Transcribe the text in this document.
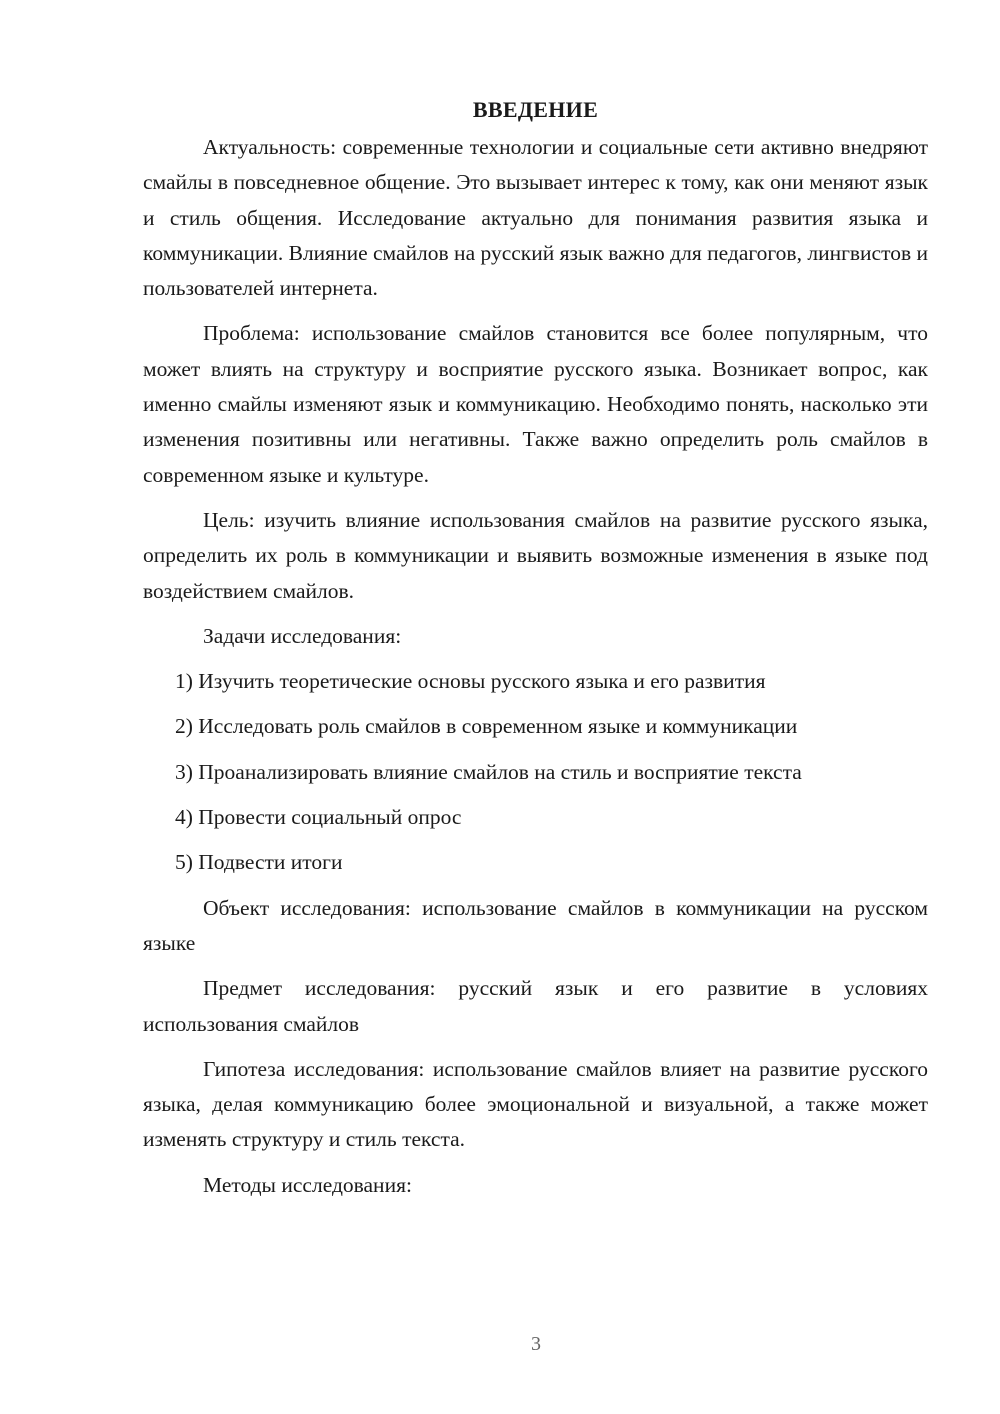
ВВЕДЕНИЕ

Актуальность: современные технологии и социальные сети активно внедряют смайлы в повседневное общение. Это вызывает интерес к тому, как они меняют язык и стиль общения. Исследование актуально для понимания развития языка и коммуникации. Влияние смайлов на русский язык важно для педагогов, лингвистов и пользователей интернета.

Проблема: использование смайлов становится все более популярным, что может влиять на структуру и восприятие русского языка. Возникает вопрос, как именно смайлы изменяют язык и коммуникацию. Необходимо понять, насколько эти изменения позитивны или негативны. Также важно определить роль смайлов в современном языке и культуре.

Цель: изучить влияние использования смайлов на развитие русского языка, определить их роль в коммуникации и выявить возможные изменения в языке под воздействием смайлов.

Задачи исследования:

1) Изучить теоретические основы русского языка и его развития
2) Исследовать роль смайлов в современном языке и коммуникации
3) Проанализировать влияние смайлов на стиль и восприятие текста
4) Провести социальный опрос
5) Подвести итоги

Объект исследования: использование смайлов в коммуникации на русском языке

Предмет исследования: русский язык и его развитие в условиях использования смайлов

Гипотеза исследования: использование смайлов влияет на развитие русского языка, делая коммуникацию более эмоциональной и визуальной, а также может изменять структуру и стиль текста.

Методы исследования:

3
